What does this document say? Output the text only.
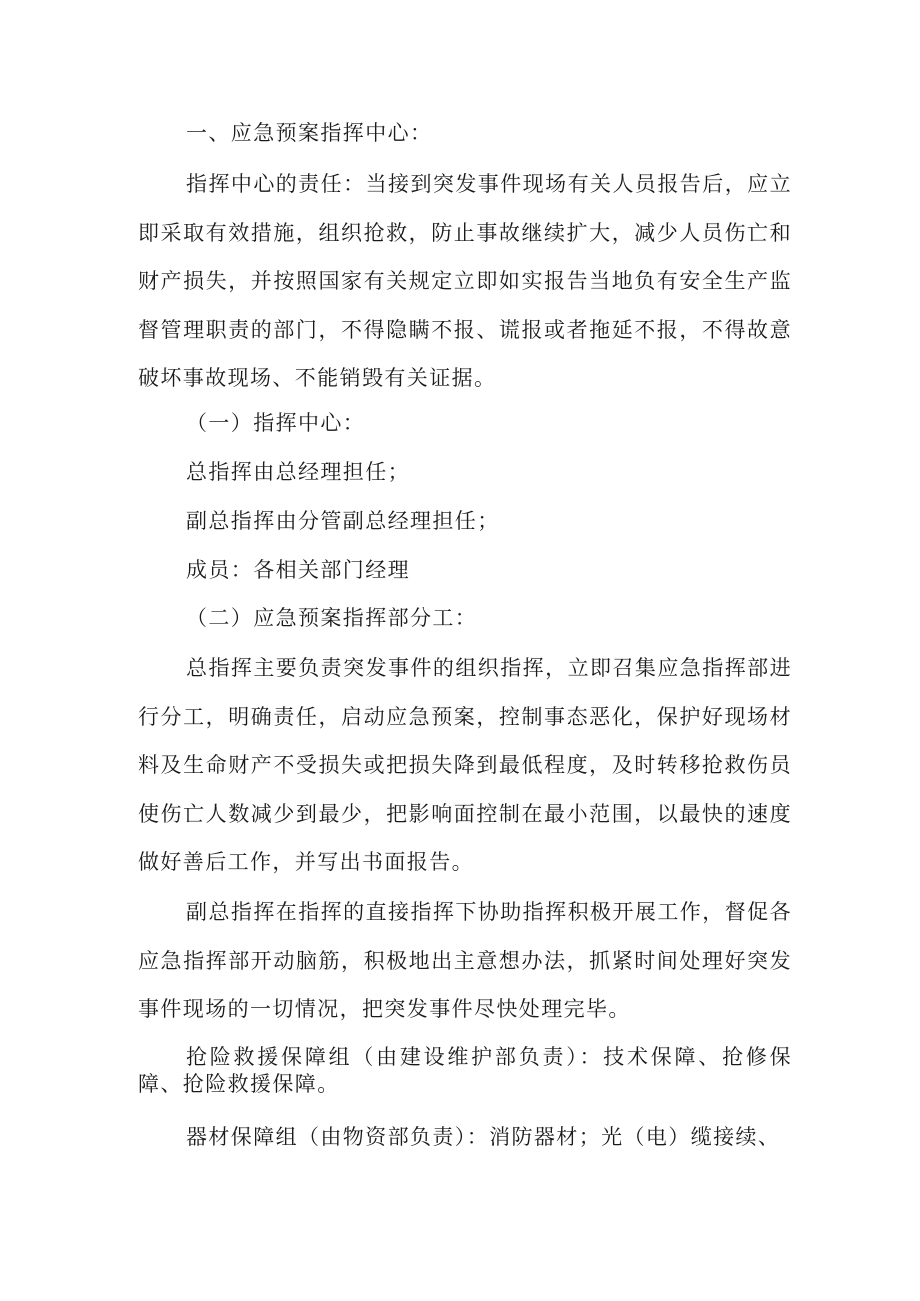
一、应急预案指挥中心：

指挥中心的责任：当接到突发事件现场有关人员报告后，应立即采取有效措施，组织抢救，防止事故继续扩大，减少人员伤亡和财产损失，并按照国家有关规定立即如实报告当地负有安全生产监督管理职责的部门，不得隐瞒不报、谎报或者拖延不报，不得故意破坏事故现场、不能销毁有关证据。

（一）指挥中心：

总指挥由总经理担任；

副总指挥由分管副总经理担任；

成员：各相关部门经理

（二）应急预案指挥部分工：

总指挥主要负责突发事件的组织指挥，立即召集应急指挥部进行分工，明确责任，启动应急预案，控制事态恶化，保护好现场材料及生命财产不受损失或把损失降到最低程度，及时转移抢救伤员使伤亡人数减少到最少，把影响面控制在最小范围，以最快的速度做好善后工作，并写出书面报告。

副总指挥在指挥的直接指挥下协助指挥积极开展工作，督促各应急指挥部开动脑筋，积极地出主意想办法，抓紧时间处理好突发事件现场的一切情况，把突发事件尽快处理完毕。

抢险救援保障组（由建设维护部负责）：技术保障、抢修保障、抢险救援保障。

器材保障组（由物资部负责）：消防器材；光（电）缆接续、
